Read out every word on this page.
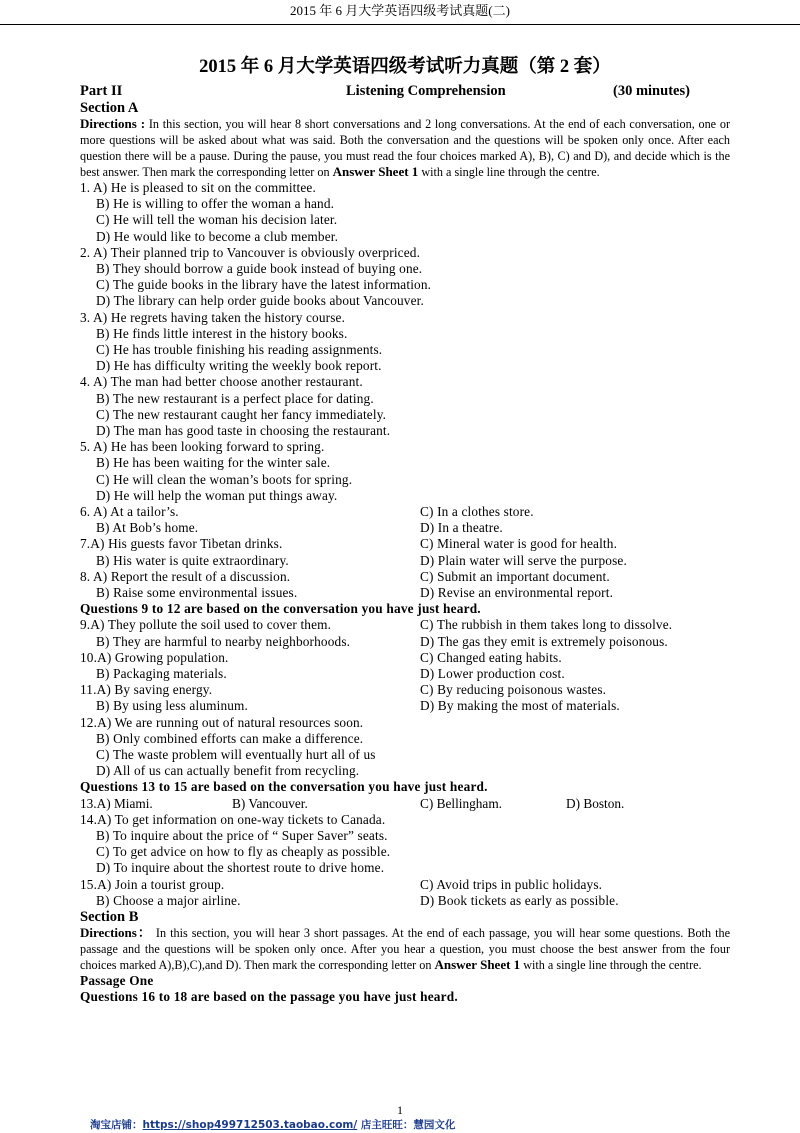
2015 年 6 月大学英语四级考试真题(二)
2015 年 6 月大学英语四级考试听力真题（第 2 套）
Part II	Listening Comprehension	(30 minutes)
Section A
Directions : In this section, you will hear 8 short conversations and 2 long conversations. At the end of each conversation, one or more questions will be asked about what was said. Both the conversation and the questions will be spoken only once. After each question there will be a pause. During the pause, you must read the four choices marked A), B), C) and D), and decide which is the best answer. Then mark the corresponding letter on Answer Sheet 1 with a single line through the centre.
1. A) He is pleased to sit on the committee.
B) He is willing to offer the woman a hand.
C) He will tell the woman his decision later.
D) He would like to become a club member.
2. A) Their planned trip to Vancouver is obviously overpriced.
B) They should borrow a guide book instead of buying one.
C) The guide books in the library have the latest information.
D) The library can help order guide books about Vancouver.
3. A) He regrets having taken the history course.
B) He finds little interest in the history books.
C) He has trouble finishing his reading assignments.
D) He has difficulty writing the weekly book report.
4. A) The man had better choose another restaurant.
B) The new restaurant is a perfect place for dating.
C) The new restaurant caught her fancy immediately.
D) The man has good taste in choosing the restaurant.
5. A) He has been looking forward to spring.
B) He has been waiting for the winter sale.
C) He will clean the woman’s boots for spring.
D) He will help the woman put things away.
6. A) At a tailor’s.	C) In a clothes store.
B) At Bob’s home.	D) In a theatre.
7.A) His guests favor Tibetan drinks.	C) Mineral water is good for health.
B) His water is quite extraordinary.	D) Plain water will serve the purpose.
8. A) Report the result of a discussion.	C) Submit an important document.
B) Raise some environmental issues.	D) Revise an environmental report.
Questions 9 to 12 are based on the conversation you have just heard.
9.A) They pollute the soil used to cover them.	C) The rubbish in them takes long to dissolve.
B) They are harmful to nearby neighborhoods.	D) The gas they emit is extremely poisonous.
10.A) Growing population.	C) Changed eating habits.
B) Packaging materials.	D) Lower production cost.
11.A) By saving energy.	C) By reducing poisonous wastes.
B) By using less aluminum.	D) By making the most of materials.
12.A) We are running out of natural resources soon.
B) Only combined efforts can make a difference.
C) The waste problem will eventually hurt all of us
D) All of us can actually benefit from recycling.
Questions 13 to 15 are based on the conversation you have just heard.
13.A) Miami.	B) Vancouver.	C) Bellingham.	D) Boston.
14.A) To get information on one-way tickets to Canada.
B) To inquire about the price of “ Super Saver” seats.
C) To get advice on how to fly as cheaply as possible.
D) To inquire about the shortest route to drive home.
15.A) Join a tourist group.	C) Avoid trips in public holidays.
B) Choose a major airline.	D) Book tickets as early as possible.
Section B
Directions： In this section, you will hear 3 short passages. At the end of each passage, you will hear some questions. Both the passage and the questions will be spoken only once. After you hear a question, you must choose the best answer from the four choices marked A),B),C),and D). Then mark the corresponding letter on Answer Sheet 1 with a single line through the centre.
Passage One
Questions 16 to 18 are based on the passage you have just heard.
1
淘宝店铺：https://shop499712503.taobao.com/ 店主旺旺：慧园文化
